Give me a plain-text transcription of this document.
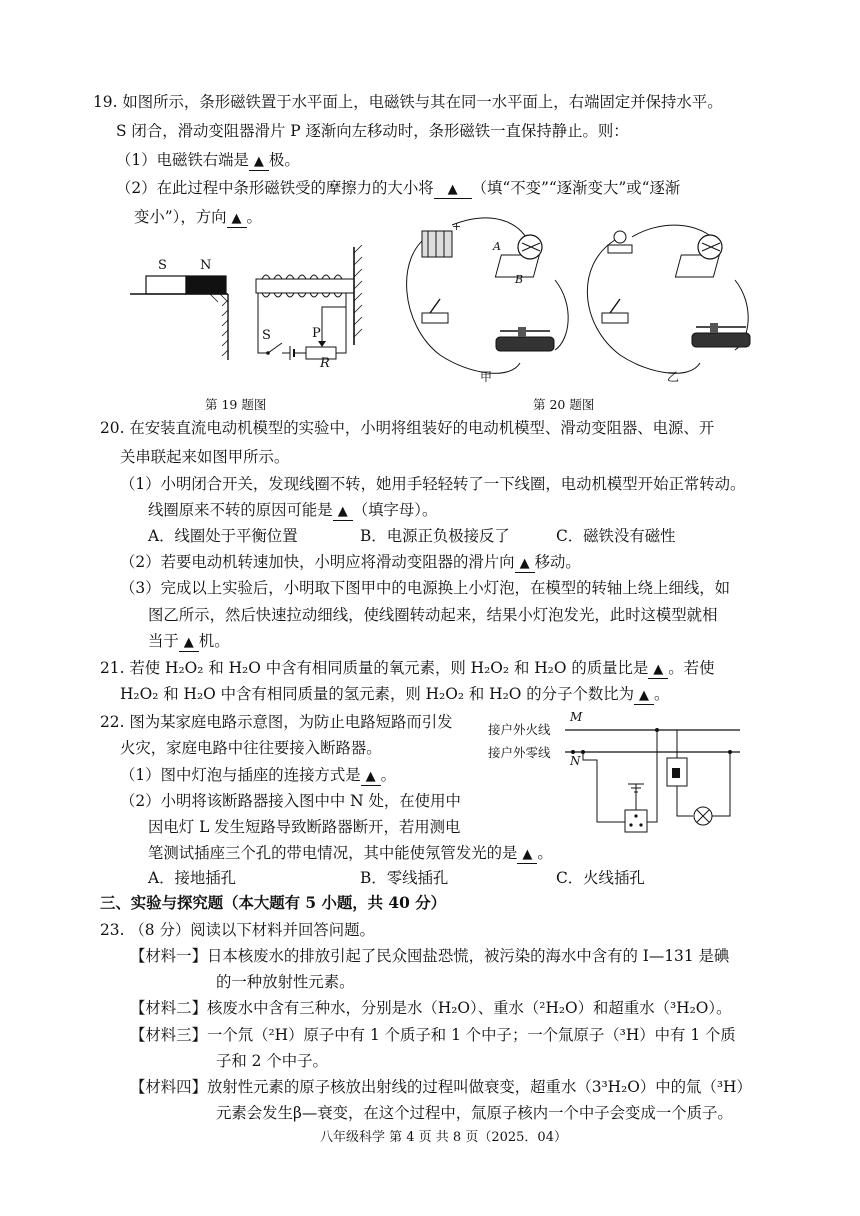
19. 如图所示，条形磁铁置于水平面上，电磁铁与其在同一水平面上，右端固定并保持水平。
S 闭合，滑动变阻器滑片 P 逐渐向左移动时，条形磁铁一直保持静止。则：
（1）电磁铁右端是 ▲ 极。
（2）在此过程中条形磁铁受的摩擦力的大小将 ▲ （填“不变”“逐渐变大”或“逐渐
变小”），方向 ▲ 。
S	N
S	P
R
第 19 题图
+
A
B
甲	乙
第 20 题图
20. 在安装直流电动机模型的实验中，小明将组装好的电动机模型、滑动变阻器、电源、开
关串联起来如图甲所示。
（1）小明闭合开关，发现线圈不转，她用手轻轻转了一下线圈，电动机模型开始正常转动。
线圈原来不转的原因可能是 ▲ （填字母）。
A．线圈处于平衡位置	B．电源正负极接反了	C．磁铁没有磁性
（2）若要电动机转速加快，小明应将滑动变阻器的滑片向 ▲ 移动。
（3）完成以上实验后，小明取下图甲中的电源换上小灯泡，在模型的转轴上绕上细线，如
图乙所示，然后快速拉动细线，使线圈转动起来，结果小灯泡发光，此时这模型就相
当于 ▲ 机。
21. 若使 H₂O₂ 和 H₂O 中含有相同质量的氧元素，则 H₂O₂ 和 H₂O 的质量比是 ▲ 。若使
H₂O₂ 和 H₂O 中含有相同质量的氢元素，则 H₂O₂ 和 H₂O 的分子个数比为 ▲ 。
22. 图为某家庭电路示意图，为防止电路短路而引发
火灾，家庭电路中往往要接入断路器。
（1）图中灯泡与插座的连接方式是 ▲ 。
（2）小明将该断路器接入图中中 N 处，在使用中
因电灯 L 发生短路导致断路器断开，若用测电
笔测试插座三个孔的带电情况，其中能使氖管发光的是 ▲ 。
A．接地插孔	B．零线插孔	C．火线插孔
接户外火线
接户外零线
M
N
三、实验与探究题（本大题有 5 小题，共 40 分）
23. （8 分）阅读以下材料并回答问题。
【材料一】日本核废水的排放引起了民众囤盐恐慌，被污染的海水中含有的 I—131 是碘
的一种放射性元素。
【材料二】核废水中含有三种水，分别是水（H₂O）、重水（²H₂O）和超重水（³H₂O）。
【材料三】一个氘（²H）原子中有 1 个质子和 1 个中子；一个氚原子（³H）中有 1 个质
子和 2 个中子。
【材料四】放射性元素的原子核放出射线的过程叫做衰变，超重水（3³H₂O）中的氚（³H）
元素会发生β—衰变，在这个过程中，氚原子核内一个中子会变成一个质子。
八年级科学 第 4 页 共 8 页（2025．04）
